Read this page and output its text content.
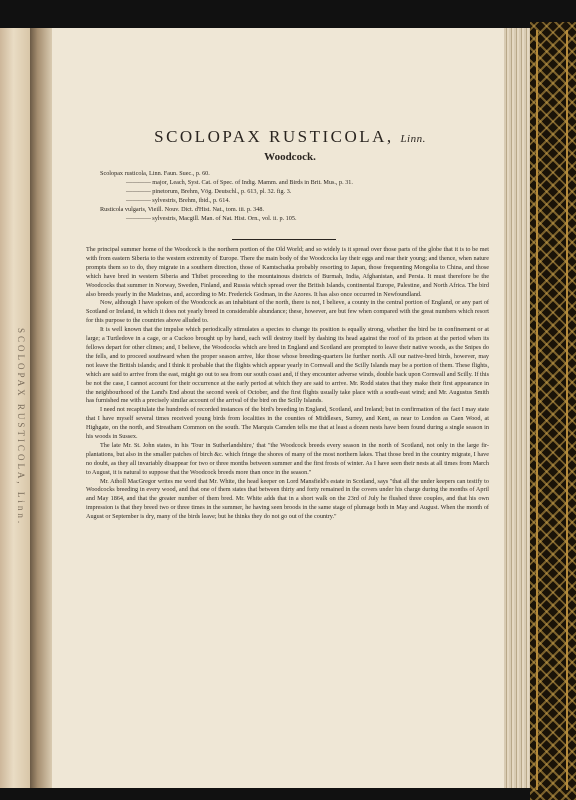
SCOLOPAX RUSTICOLA, Linn.
SCOLOPAX RUSTICOLA, Linn.
Woodcock.
Scolopax rusticola, Linn. Faun. Suec., p. 60.
———— major, Leach, Syst. Cat. of Spec. of Indig. Mamm. and Birds in Brit. Mus., p. 31.
———— pinetorum, Brehm, Vög. Deutschl., p. 613, pl. 32. fig. 3.
———— sylvestris, Brehm, ibid., p. 614.
Rusticola vulgaris, Vieill. Nouv. Dict. d'Hist. Nat., tom. iii. p. 348.
———— sylvestris, Macgill. Man. of Nat. Hist. Orn., vol. ii. p. 105.

The principal summer home of the Woodcock is the northern portion of the Old World; and so widely is it spread over those parts of the globe that it is to be met with from eastern Siberia to the western extremity of Europe. There the main body of the Woodcocks lay their eggs and rear their young; and thence, when nature prompts them so to do, they migrate in a southern direction, those of Kamtschatka probably resorting to Japan, those frequenting Mongolia to China, and those which have bred in western Siberia and Thibet proceeding to the mountainous districts of Burmah, India, Afghanistan, and Persia. It must therefore be the Woodcocks that summer in Norway, Sweden, Finland, and Russia which spread over the British Islands, continental Europe, Palestine, and North Africa. The bird also breeds yearly in the Madeiras, and, according to Mr. Frederick Godman, in the Azores. It has also once occurred in Newfoundland.

Now, although I have spoken of the Woodcock as an inhabitant of the north, there is not, I believe, a county in the central portion of England, or any part of Scotland or Ireland, in which it does not yearly breed in considerable abundance; these, however, are but few when compared with the great numbers which resort for this purpose to the countries above alluded to.

It is well known that the impulse which periodically stimulates a species to change its position is equally strong, whether the bird be in confinement or at large; a Turtledove in a cage, or a Cuckoo brought up by hand, each will destroy itself by dashing its head against the roof of its prison at the period when its fellows depart for other climes; and, I believe, the Woodcocks which are bred in England and Scotland are prompted to leave their native woods, as the Snipes do the fells, and to proceed southward when the proper season arrive, like those whose breeding-quarters lie further north. All our native-bred birds, however, may not leave the British islands; and I think it probable that the flights which appear yearly in Cornwall and the Scilly Islands may be a portion of them. These flights, which are said to arrive from the east, might go out to sea from our south coast and, if they encounter adverse winds, double back upon Cornwall and Scilly. If this be not the case, I cannot account for their occurrence at the early period at which they are said to arrive. Mr. Rodd states that they make their first appearance in the neighbourhood of the Land's End about the second week of October, and the first flights usually take place with a south-east wind; and Mr. Augustus Smith has furnished me with a precisely similar account of the arrival of the bird on the Scilly Islands.

I need not recapitulate the hundreds of recorded instances of the bird's breeding in England, Scotland, and Ireland; but in confirmation of the fact I may state that I have myself several times received young birds from localities in the counties of Middlesex, Surrey, and Kent, as near to London as Caen Wood, at Highgate, on the north, and Streatham Common on the south. The Marquis Camden tells me that at least a dozen nests have been found during a single season in his woods in Sussex.

The late Mr. St. John states, in his 'Tour in Sutherlandshire,' that "the Woodcock breeds every season in the north of Scotland, not only in the large fir-plantations, but also in the smaller patches of birch &c. which fringe the shores of many of the most northern lakes. That those bred in the country migrate, I have no doubt, as they all invariably disappear for two or three months between summer and the first frosts of winter. As I have seen their nests at all times from March to August, it is natural to suppose that the Woodcock breeds more than once in the season."

Mr. Atholl MacGregor writes me word that Mr. White, the head keeper on Lord Mansfield's estate in Scotland, says "that all the under keepers can testify to Woodcocks breeding in every wood, and that one of them states that between thirty and forty remained in the covers under his charge during the months of April and May 1864, and that the greater number of them bred. Mr. White adds that in a short walk on the 23rd of July he flushed three couples, and that his own impression is that they breed two or three times in the summer, he having seen broods in the same stage of plumage both in May and August. When the month of August or September is dry, many of the birds leave; but he thinks they do not go out of the country."
